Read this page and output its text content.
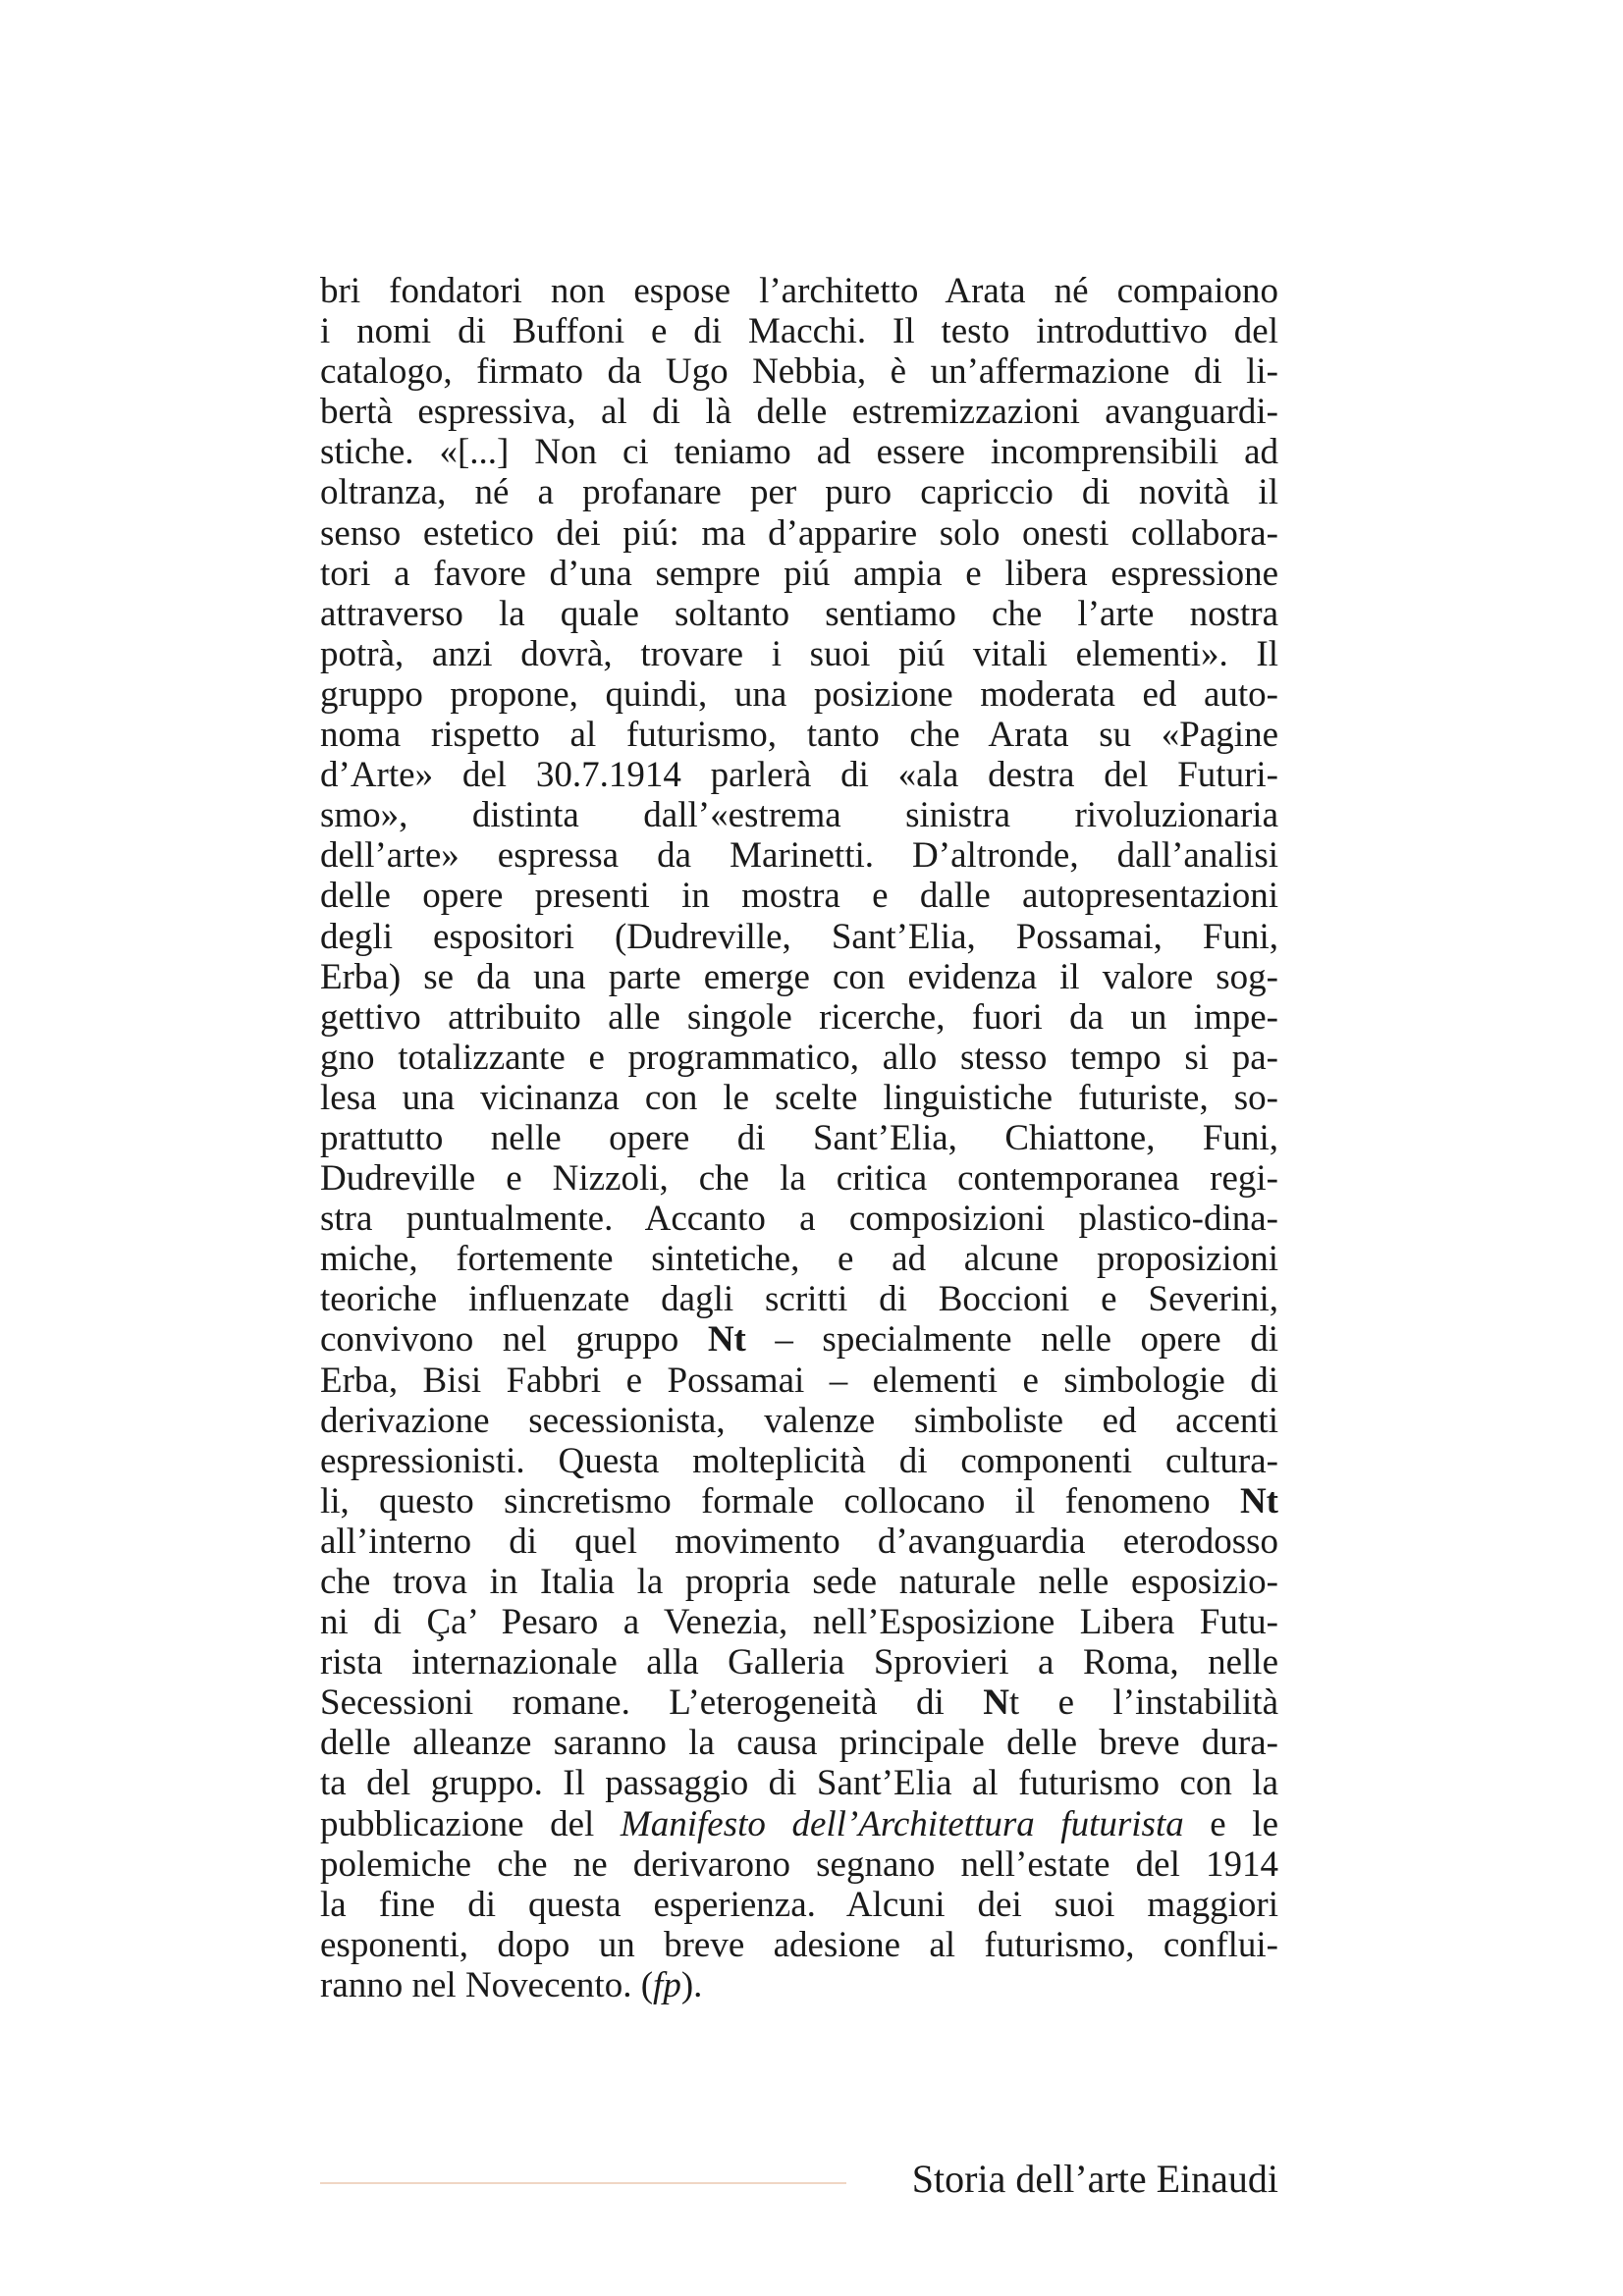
bri fondatori non espose l’architetto Arata né compaiono
i nomi di Buffoni e di Macchi. Il testo introduttivo del
catalogo, firmato da Ugo Nebbia, è un’affermazione di li-
bertà espressiva, al di là delle estremizzazioni avanguardi-
stiche. «[...] Non ci teniamo ad essere incomprensibili ad
oltranza, né a profanare per puro capriccio di novità il
senso estetico dei piú: ma d’apparire solo onesti collabora-
tori a favore d’una sempre piú ampia e libera espressione
attraverso la quale soltanto sentiamo che l’arte nostra
potrà, anzi dovrà, trovare i suoi piú vitali elementi». Il
gruppo propone, quindi, una posizione moderata ed auto-
noma rispetto al futurismo, tanto che Arata su «Pagine
d’Arte» del 30.7.1914 parlerà di «ala destra del Futuri-
smo», distinta dall’«estrema sinistra rivoluzionaria
dell’arte» espressa da Marinetti. D’altronde, dall’analisi
delle opere presenti in mostra e dalle autopresentazioni
degli espositori (Dudreville, Sant’Elia, Possamai, Funi,
Erba) se da una parte emerge con evidenza il valore sog-
gettivo attribuito alle singole ricerche, fuori da un impe-
gno totalizzante e programmatico, allo stesso tempo si pa-
lesa una vicinanza con le scelte linguistiche futuriste, so-
prattutto nelle opere di Sant’Elia, Chiattone, Funi,
Dudreville e Nizzoli, che la critica contemporanea regi-
stra puntualmente. Accanto a composizioni plastico-dina-
miche, fortemente sintetiche, e ad alcune proposizioni
teoriche influenzate dagli scritti di Boccioni e Severini,
convivono nel gruppo Nt – specialmente nelle opere di
Erba, Bisi Fabbri e Possamai – elementi e simbologie di
derivazione secessionista, valenze simboliste ed accenti
espressionisti. Questa molteplicità di componenti cultura-
li, questo sincretismo formale collocano il fenomeno Nt
all’interno di quel movimento d’avanguardia eterodosso
che trova in Italia la propria sede naturale nelle esposizio-
ni di Ça’ Pesaro a Venezia, nell’Esposizione Libera Futu-
rista internazionale alla Galleria Sprovieri a Roma, nelle
Secessioni romane. L’eterogeneità di Nt e l’instabilità
delle alleanze saranno la causa principale delle breve dura-
ta del gruppo. Il passaggio di Sant’Elia al futurismo con la
pubblicazione del Manifesto dell’Architettura futurista e le
polemiche che ne derivarono segnano nell’estate del 1914
la fine di questa esperienza. Alcuni dei suoi maggiori
esponenti, dopo un breve adesione al futurismo, conflui-
ranno nel Novecento. (fp).
Storia dell’arte Einaudi
